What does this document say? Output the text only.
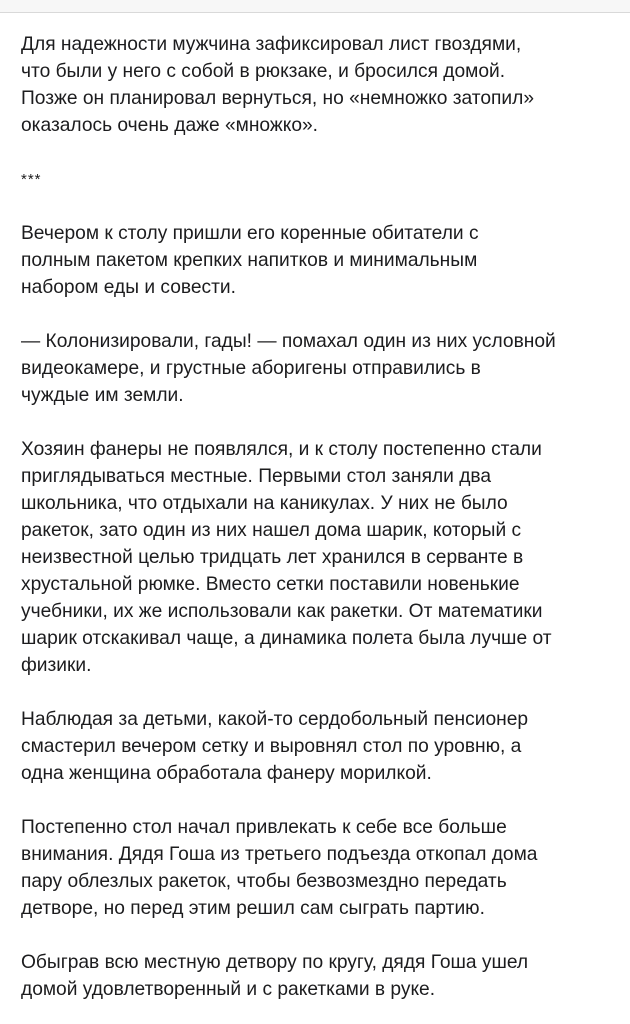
Для надежности мужчина зафиксировал лист гвоздями,
что были у него с собой в рюкзаке, и бросился домой.
Позже он планировал вернуться, но «немножко затопил»
оказалось очень даже «множко».

***

Вечером к столу пришли его коренные обитатели с
полным пакетом крепких напитков и минимальным
набором еды и совести.

— Колонизировали, гады! — помахал один из них условной
видеокамере, и грустные аборигены отправились в
чуждые им земли.

Хозяин фанеры не появлялся, и к столу постепенно стали
приглядываться местные. Первыми стол заняли два
школьника, что отдыхали на каникулах. У них не было
ракеток, зато один из них нашел дома шарик, который с
неизвестной целью тридцать лет хранился в серванте в
хрустальной рюмке. Вместо сетки поставили новенькие
учебники, их же использовали как ракетки. От математики
шарик отскакивал чаще, а динамика полета была лучше от
физики.

Наблюдая за детьми, какой-то сердобольный пенсионер
смастерил вечером сетку и выровнял стол по уровню, а
одна женщина обработала фанеру морилкой.

Постепенно стол начал привлекать к себе все больше
внимания. Дядя Гоша из третьего подъезда откопал дома
пару облезлых ракеток, чтобы безвозмездно передать
детворе, но перед этим решил сам сыграть партию.

Обыграв всю местную детвору по кругу, дядя Гоша ушел
домой удовлетворенный и с ракетками в руке.
